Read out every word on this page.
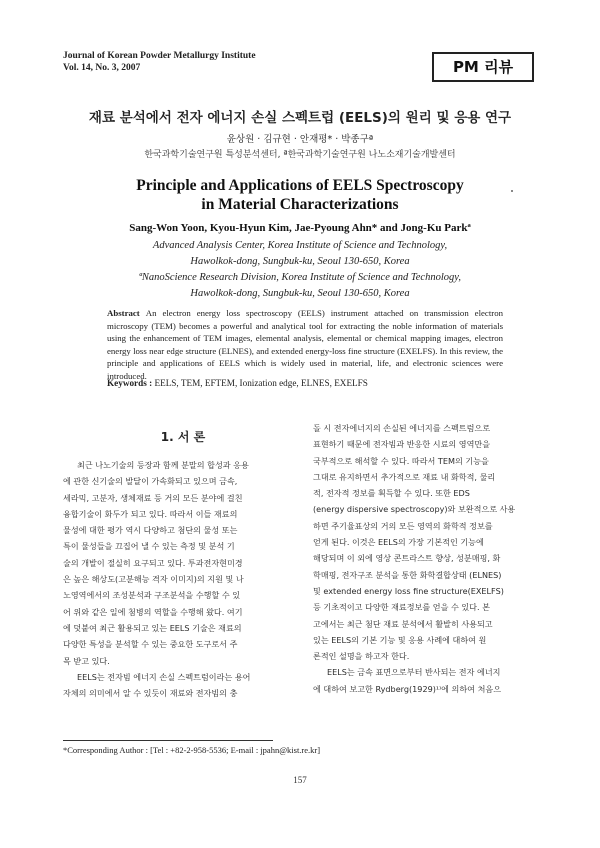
Journal of Korean Powder Metallurgy Institute
Vol. 14, No. 3, 2007	PM 리뷰
재료 분석에서 전자 에너지 손실 스펙트럽 (EELS)의 원리 및 응용 연구
윤상원 · 김규현 · 안재평* · 박종구ª
한국과학기술연구원 특성분석센터, ª한국과학기술연구원 나노소재기술개발센터
Principle and Applications of EELS Spectroscopy
in Material Characterizations
Sang-Won Yoon, Kyou-Hyun Kim, Jae-Pyoung Ahn* and Jong-Ku Parkª
Advanced Analysis Center, Korea Institute of Science and Technology,
Hawolkok-dong, Sungbuk-ku, Seoul 130-650, Korea
ªNanoScience Research Division, Korea Institute of Science and Technology,
Hawolkok-dong, Sungbuk-ku, Seoul 130-650, Korea
Abstract An electron energy loss spectroscopy (EELS) instrument attached on transmission electron microscopy (TEM) becomes a powerful and analytical tool for extracting the noble information of materials using the enhancement of TEM images, elemental analysis, elemental or chemical mapping images, electron energy loss near edge structure (ELNES), and extended energy-loss fine structure (EXELFS). In this review, the principle and applications of EELS which is widely used in material, life, and electronic sciences were introduced.
Keywords : EELS, TEM, EFTEM, Ionization edge, ELNES, EXELFS
1. 서 론
최근 나노기술의 등장과 함께 분말의 합성과 응용
에 관한 신기술의 발달이 가속화되고 있으며 금속,
세라믹, 고분자, 생체재료 등 거의 모든 분야에 걸친
융합기술이 화두가 되고 있다. 따라서 이들 재료의
물성에 대한 평가 역시 다양하고 첨단의 물성 또는
특이 물성들을 끄집어 낼 수 있는 측정 및 분석 기
술의 개발이 절실히 요구되고 있다. 투과전자현미경
은 높은 해상도(고분해능 격자 이미지)의 지원 및 나
노영역에서의 조성분석과 구조분석을 수행할 수 있
어 위와 같은 일에 첨병의 역할을 수행해 왔다. 여기
에 덧붙여 최근 활용되고 있는 EELS 기술은 재료의
다양한 특성을 분석할 수 있는 중요한 도구로서 주
목 받고 있다.
EELS는 전자빔 에너지 손실 스펙트럼이라는 용어
자체의 의미에서 알 수 있듯이 재료와 전자빔의 충
돌 시 전자에너지의 손실된 에너지를 스펙트럼으로
표현하기 때문에 전자빔과 반응한 시료의 영역만을
국부적으로 해석할 수 있다. 따라서 TEM의 기능을
그대로 유지하면서 추가적으로 재료 내 화학적, 물리
적, 전자적 정보를 획득할 수 있다. 또한 EDS
(energy dispersive spectroscopy)와 보완적으로 사용
하면 주기율표상의 거의 모든 영역의 화학적 정보를
얻게 된다. 이것은 EELS의 가장 기본적인 기능에
해당되며 이 외에 영상 콘트라스트 향상, 성분매핑, 화
학매핑, 전자구조 분석을 통한 화학결합상태 (ELNES)
및 extended energy loss fine structure(EXELFS)
등 기초적이고 다양한 재료정보를 얻을 수 있다. 본
고에서는 최근 첨단 재료 분석에서 활발히 사용되고
있는 EELS의 기본 기능 및 응용 사례에 대하여 원
론적인 설명을 하고자 한다.
EELS는 금속 표면으로부터 반사되는 전자 에너지
에 대하여 보고한 Rydberg(1929)¹⁾에 의하여 처음으
*Corresponding Author : [Tel : +82-2-958-5536; E-mail : jpahn@kist.re.kr]
157
